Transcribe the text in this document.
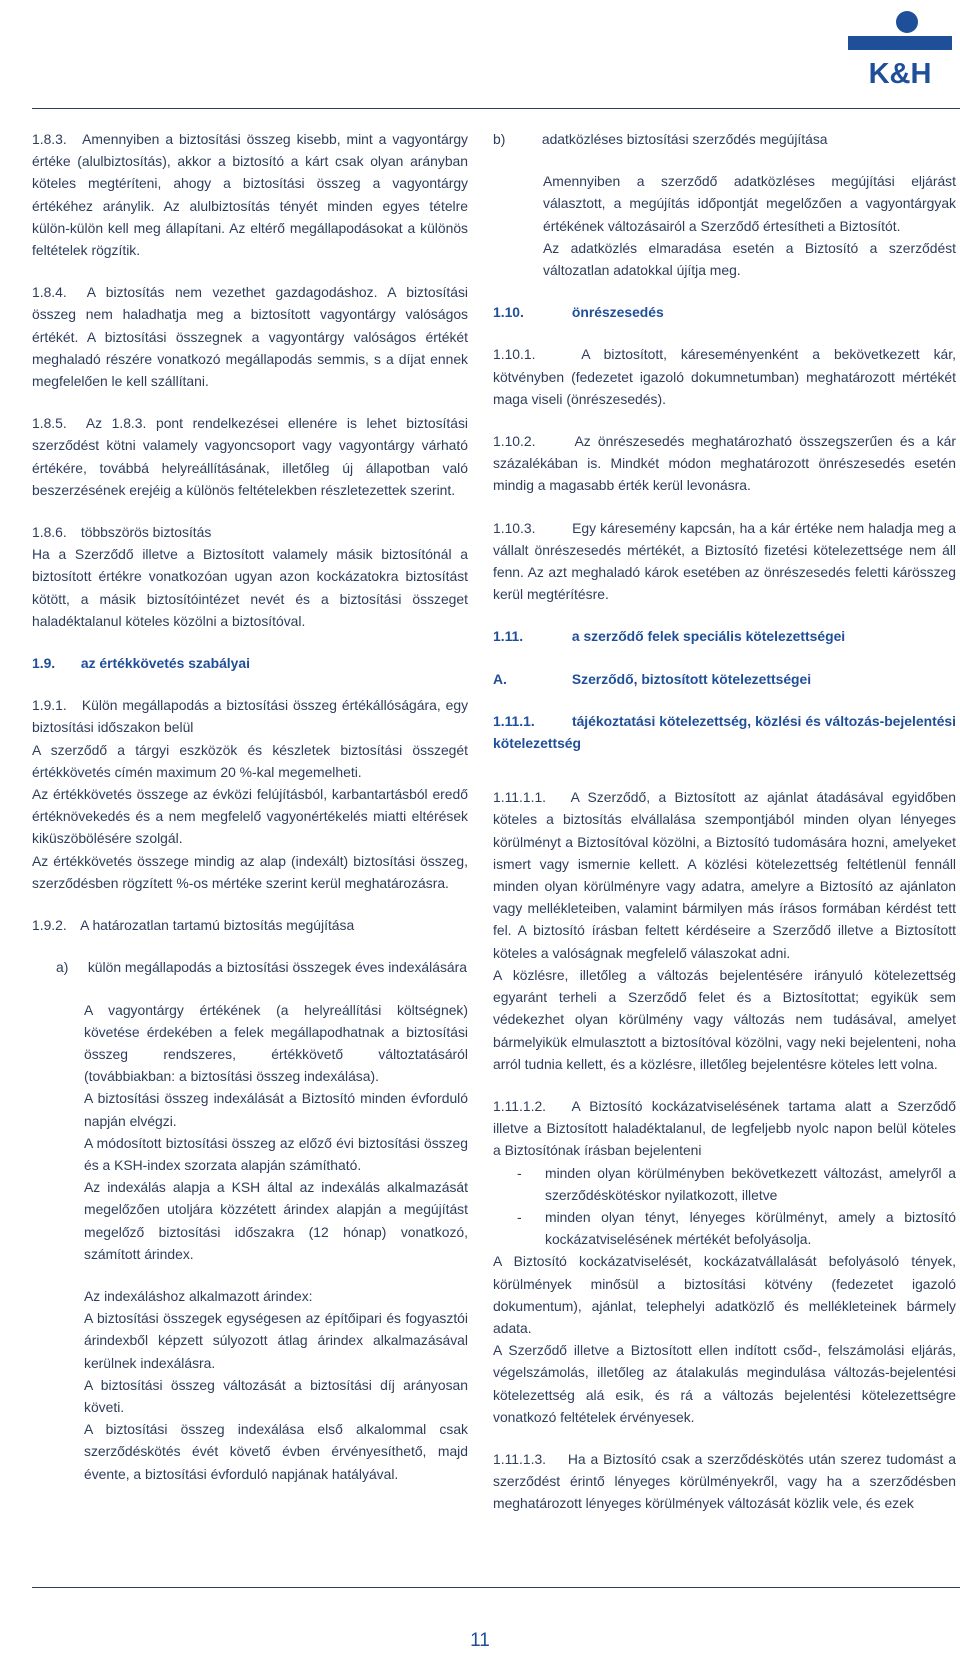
K&H

1.8.3. Amennyiben a biztosítási összeg kisebb, mint a vagyontárgy értéke (alulbiztosítás), akkor a biztosító a kárt csak olyan arányban köteles megtéríteni, ahogy a biztosítási összeg a vagyontárgy értékéhez aránylik. Az alulbiztosítás tényét minden egyes tételre külön-külön kell meg állapítani. Az eltérő megállapodásokat a különös feltételek rögzítik.

1.8.4. A biztosítás nem vezethet gazdagodáshoz. A biztosítási összeg nem haladhatja meg a biztosított vagyontárgy valóságos értékét. A biztosítási összegnek a vagyontárgy valóságos értékét meghaladó részére vonatkozó megállapodás semmis, s a díjat ennek megfelelően le kell szállítani.

1.8.5. Az 1.8.3. pont rendelkezései ellenére is lehet biztosítási szerződést kötni valamely vagyoncsoport vagy vagyontárgy várható értékére, továbbá helyreállításának, illetőleg új állapotban való beszerzésének erejéig a különös feltételekben részletezettek szerint.

1.8.6. többszörös biztosítás

Ha a Szerződő illetve a Biztosított valamely másik biztosítónál a biztosított értékre vonatkozóan ugyan azon kockázatokra biztosítást kötött, a másik biztosítóintézet nevét és a biztosítási összeget haladéktalanul köteles közölni a biztosítóval.

1.9. az értékkövetés szabályai

1.9.1. Külön megállapodás a biztosítási összeg értékállóságára, egy biztosítási időszakon belül

A szerződő a tárgyi eszközök és készletek biztosítási összegét értékkövetés címén maximum 20 %-kal megemelheti.

Az értékkövetés összege az évközi felújításból, karbantartásból eredő értéknövekedés és a nem megfelelő vagyonértékelés miatti eltérések kiküszöbölésére szolgál.

Az értékkövetés összege mindig az alap (indexált) biztosítási összeg, szerződésben rögzített %-os mértéke szerint kerül meghatározásra.

1.9.2. A határozatlan tartamú biztosítás megújítása

a) külön megállapodás a biztosítási összegek éves indexálására

A vagyontárgy értékének (a helyreállítási költségnek) követése érdekében a felek megállapodhatnak a biztosítási összeg rendszeres, értékkövető változtatásáról (továbbiakban: a biztosítási összeg indexálása).

A biztosítási összeg indexálását a Biztosító minden évforduló napján elvégzi.

A módosított biztosítási összeg az előző évi biztosítási összeg és a KSH-index szorzata alapján számítható.

Az indexálás alapja a KSH által az indexálás alkalmazását megelőzően utoljára közzétett árindex alapján a megújítást megelőző biztosítási időszakra (12 hónap) vonatkozó, számított árindex.

Az indexáláshoz alkalmazott árindex:

A biztosítási összegek egységesen az építőipari és fogyasztói árindexből képzett súlyozott átlag árindex alkalmazásával kerülnek indexálásra.

A biztosítási összeg változását a biztosítási díj arányosan követi.

A biztosítási összeg indexálása első alkalommal csak szerződéskötés évét követő évben érvényesíthető, majd évente, a biztosítási évforduló napjának hatályával.

b)	adatközléses biztosítási szerződés megújítása

Amennyiben a szerződő adatközléses megújítási eljárást választott, a megújítás időpontját megelőzően a vagyontárgyak értékének változásairól a Szerződő értesítheti a Biztosítót.

Az adatközlés elmaradása esetén a Biztosító a szerződést változatlan adatokkal újítja meg.

1.10.	önrészesedés

1.10.1.	A biztosított, káreseményenként a bekövetkezett kár, kötvényben (fedezetet igazoló dokumnetumban) meghatározott mértékét maga viseli (önrészesedés).

1.10.2.	Az önrészesedés meghatározható összegszerűen és a kár százalékában is. Mindkét módon meghatározott önrészesedés esetén mindig a magasabb érték kerül levonásra.

1.10.3.	Egy káresemény kapcsán, ha a kár értéke nem haladja meg a vállalt önrészesedés mértékét, a Biztosító fizetési kötelezettsége nem áll fenn. Az azt meghaladó károk esetében az önrészesedés feletti kárösszeg kerül megtérítésre.

1.11.	a szerződő felek speciális kötelezettségei

A.	Szerződő, biztosított kötelezettségei

1.11.1.	tájékoztatási kötelezettség, közlési és változás-bejelentési kötelezettség

1.11.1.1. A Szerződő, a Biztosított az ajánlat átadásával egyidőben köteles a biztosítás elvállalása szempontjából minden olyan lényeges körülményt a Biztosítóval közölni, a Biztosító tudomására hozni, amelyeket ismert vagy ismernie kellett. A közlési kötelezettség feltétlenül fennáll minden olyan körülményre vagy adatra, amelyre a Biztosító az ajánlaton vagy mellékleteiben, valamint bármilyen más írásos formában kérdést tett fel. A biztosító írásban feltett kérdéseire a Szerződő illetve a Biztosított köteles a valóságnak megfelelő válaszokat adni.

A közlésre, illetőleg a változás bejelentésére irányuló kötelezettség egyaránt terheli a Szerződő felet és a Biztosítottat; egyikük sem védekezhet olyan körülmény vagy változás nem tudásával, amelyet bármelyikük elmulasztott a biztosítóval közölni, vagy neki bejelenteni, noha arról tudnia kellett, és a közlésre, illetőleg bejelentésre köteles lett volna.

1.11.1.2. A Biztosító kockázatviselésének tartama alatt a Szerződő illetve a Biztosított haladéktalanul, de legfeljebb nyolc napon belül köteles a Biztosítónak írásban bejelenteni

-	minden olyan körülményben bekövetkezett változást, amelyről a szerződéskötéskor nyilatkozott, illetve
-	minden olyan tényt, lényeges körülményt, amely a biztosító kockázatviselésének mértékét befolyásolja.

A Biztosító kockázatviselését, kockázatvállalását befolyásoló tények, körülmények minősül a biztosítási kötvény (fedezetet igazoló dokumentum), ajánlat, telephelyi adatközlő és mellékleteinek bármely adata.

A Szerződő illetve a Biztosított ellen indított csőd-, felszámolási eljárás, végelszámolás, illetőleg az átalakulás megindulása változás-bejelentési kötelezettség alá esik, és rá a változás bejelentési kötelezettségre vonatkozó feltételek érvényesek.

1.11.1.3. Ha a Biztosító csak a szerződéskötés után szerez tudomást a szerződést érintő lényeges körülményekről, vagy ha a szerződésben meghatározott lényeges körülmények változását közlik vele, és ezek

11
